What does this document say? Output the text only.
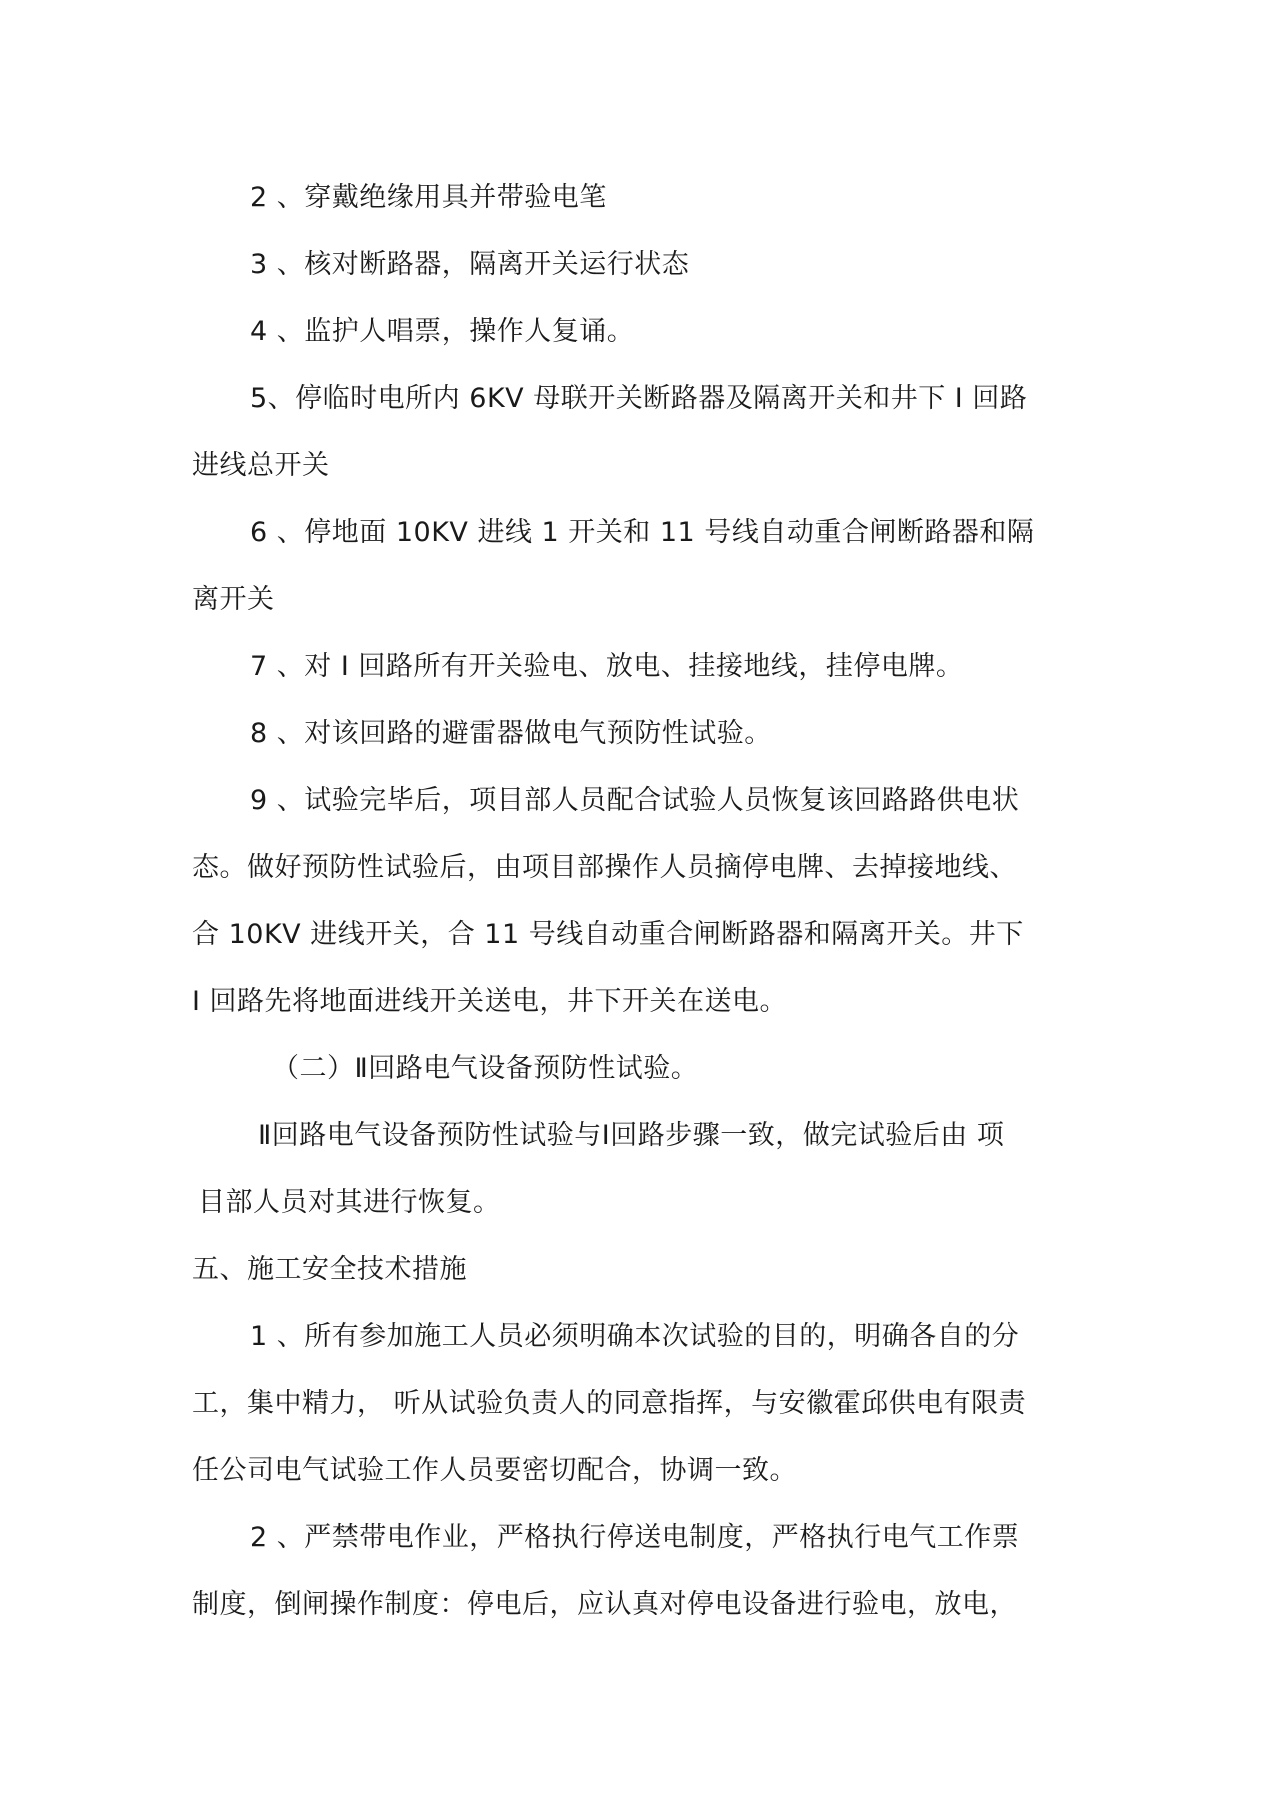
2 、穿戴绝缘用具并带验电笔
3 、核对断路器，隔离开关运行状态
4 、监护人唱票，操作人复诵。
5、停临时电所内 6KV 母联开关断路器及隔离开关和井下 Ⅰ 回路
进线总开关
6 、停地面 10KV 进线 1 开关和 11 号线自动重合闸断路器和隔
离开关
7 、对 Ⅰ 回路所有开关验电、放电、挂接地线，挂停电牌。
8 、对该回路的避雷器做电气预防性试验。
9 、试验完毕后，项目部人员配合试验人员恢复该回路路供电状
态。做好预防性试验后，由项目部操作人员摘停电牌、去掉接地线、
合 10KV 进线开关，合 11 号线自动重合闸断路器和隔离开关。井下
Ⅰ 回路先将地面进线开关送电，井下开关在送电。
（二）Ⅱ回路电气设备预防性试验。
Ⅱ回路电气设备预防性试验与Ⅰ回路步骤一致，做完试验后由 项
目部人员对其进行恢复。
五、施工安全技术措施
1 、所有参加施工人员必须明确本次试验的目的，明确各自的分
工，集中精力， 听从试验负责人的同意指挥，与安徽霍邱供电有限责
任公司电气试验工作人员要密切配合，协调一致。
2 、严禁带电作业，严格执行停送电制度，严格执行电气工作票
制度，倒闸操作制度：停电后，应认真对停电设备进行验电，放电，
